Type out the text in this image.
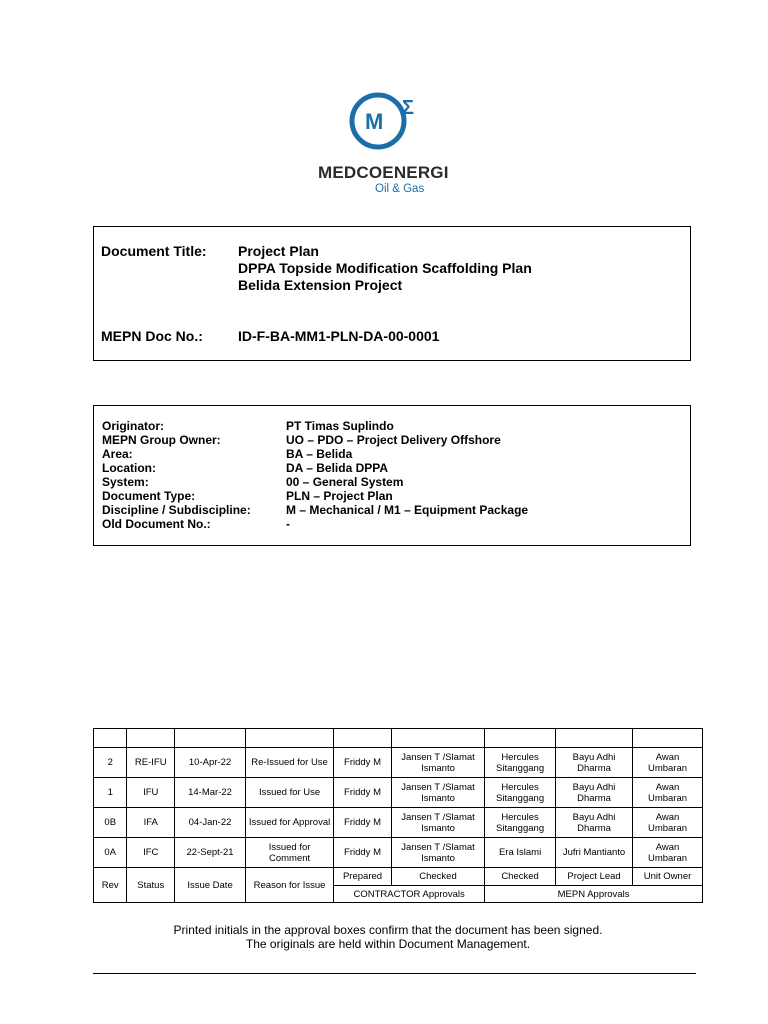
M
Σ
MEDCOENERGI
Oil & Gas
Document Title: Project Plan
DPPA Topside Modification Scaffolding Plan
Belida Extension Project
MEPN Doc No.:	ID-F-BA-MM1-PLN-DA-00-0001
Originator:	PT Timas Suplindo
MEPN Group Owner:	UO – PDO – Project Delivery Offshore
Area:	BA – Belida
Location:	DA – Belida DPPA
System:	00 – General System
Document Type:	PLN – Project Plan
Discipline / Subdiscipline:	M – Mechanical / M1 – Equipment Package
Old Document No.:	-

2	RE-IFU	10-Apr-22	Re-Issued for Use	Friddy M	Jansen T /Slamat Ismanto	Hercules Sitanggang	Bayu Adhi Dharma	Awan Umbaran
1	IFU	14-Mar-22	Issued for Use	Friddy M	Jansen T /Slamat Ismanto	Hercules Sitanggang	Bayu Adhi Dharma	Awan Umbaran
0B	IFA	04-Jan-22	Issued for Approval	Friddy M	Jansen T /Slamat Ismanto	Hercules Sitanggang	Bayu Adhi Dharma	Awan Umbaran
0A	IFC	22-Sept-21	Issued for Comment	Friddy M	Jansen T /Slamat Ismanto	Era Islami	Jufri Mantianto	Awan Umbaran
Rev	Status	Issue Date	Reason for Issue	Prepared	Checked	Checked	Project Lead	Unit Owner
				CONTRACTOR Approvals		MEPN Approvals		
Printed initials in the approval boxes confirm that the document has been signed.
The originals are held within Document Management.
